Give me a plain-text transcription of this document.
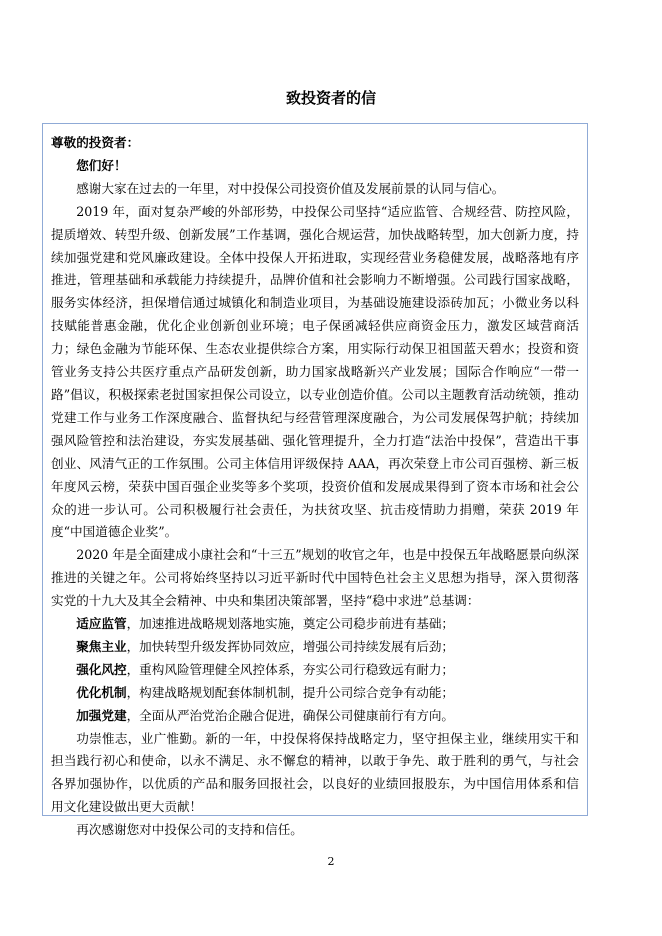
致投资者的信

尊敬的投资者：

您们好！

感谢大家在过去的一年里，对中投保公司投资价值及发展前景的认同与信心。

2019 年，面对复杂严峻的外部形势，中投保公司坚持“适应监管、合规经营、防控风险，提质增效、转型升级、创新发展”工作基调，强化合规运营，加快战略转型，加大创新力度，持续加强党建和党风廉政建设。全体中投保人开拓进取，实现经营业务稳健发展，战略落地有序推进，管理基础和承载能力持续提升，品牌价值和社会影响力不断增强。公司践行国家战略，服务实体经济，担保增信通过城镇化和制造业项目，为基础设施建设添砖加瓦；小微业务以科技赋能普惠金融，优化企业创新创业环境；电子保函减轻供应商资金压力，激发区域营商活力；绿色金融为节能环保、生态农业提供综合方案，用实际行动保卫祖国蓝天碧水；投资和资管业务支持公共医疗重点产品研发创新，助力国家战略新兴产业发展；国际合作响应“一带一路”倡议，积极探索老挝国家担保公司设立，以专业创造价值。公司以主题教育活动统领，推动党建工作与业务工作深度融合、监督执纪与经营管理深度融合，为公司发展保驾护航；持续加强风险管控和法治建设，夯实发展基础、强化管理提升，全力打造“法治中投保”，营造出干事创业、风清气正的工作氛围。公司主体信用评级保持 AAA，再次荣登上市公司百强榜、新三板年度风云榜，荣获中国百强企业奖等多个奖项，投资价值和发展成果得到了资本市场和社会公众的进一步认可。公司积极履行社会责任，为扶贫攻坚、抗击疫情助力捐赠，荣获 2019 年度“中国道德企业奖”。

2020 年是全面建成小康社会和“十三五”规划的收官之年，也是中投保五年战略愿景向纵深推进的关键之年。公司将始终坚持以习近平新时代中国特色社会主义思想为指导，深入贯彻落实党的十九大及其全会精神、中央和集团决策部署，坚持“稳中求进”总基调：

适应监管，加速推进战略规划落地实施，奠定公司稳步前进有基础；

聚焦主业，加快转型升级发挥协同效应，增强公司持续发展有后劲；

强化风控，重构风险管理健全风控体系，夯实公司行稳致远有耐力；

优化机制，构建战略规划配套体制机制，提升公司综合竞争有动能；

加强党建，全面从严治党治企融合促进，确保公司健康前行有方向。

功崇惟志，业广惟勤。新的一年，中投保将保持战略定力，坚守担保主业，继续用实干和担当践行初心和使命，以永不满足、永不懈怠的精神，以敢于争先、敢于胜利的勇气，与社会各界加强协作，以优质的产品和服务回报社会，以良好的业绩回报股东，为中国信用体系和信用文化建设做出更大贡献！

再次感谢您对中投保公司的支持和信任。

2
